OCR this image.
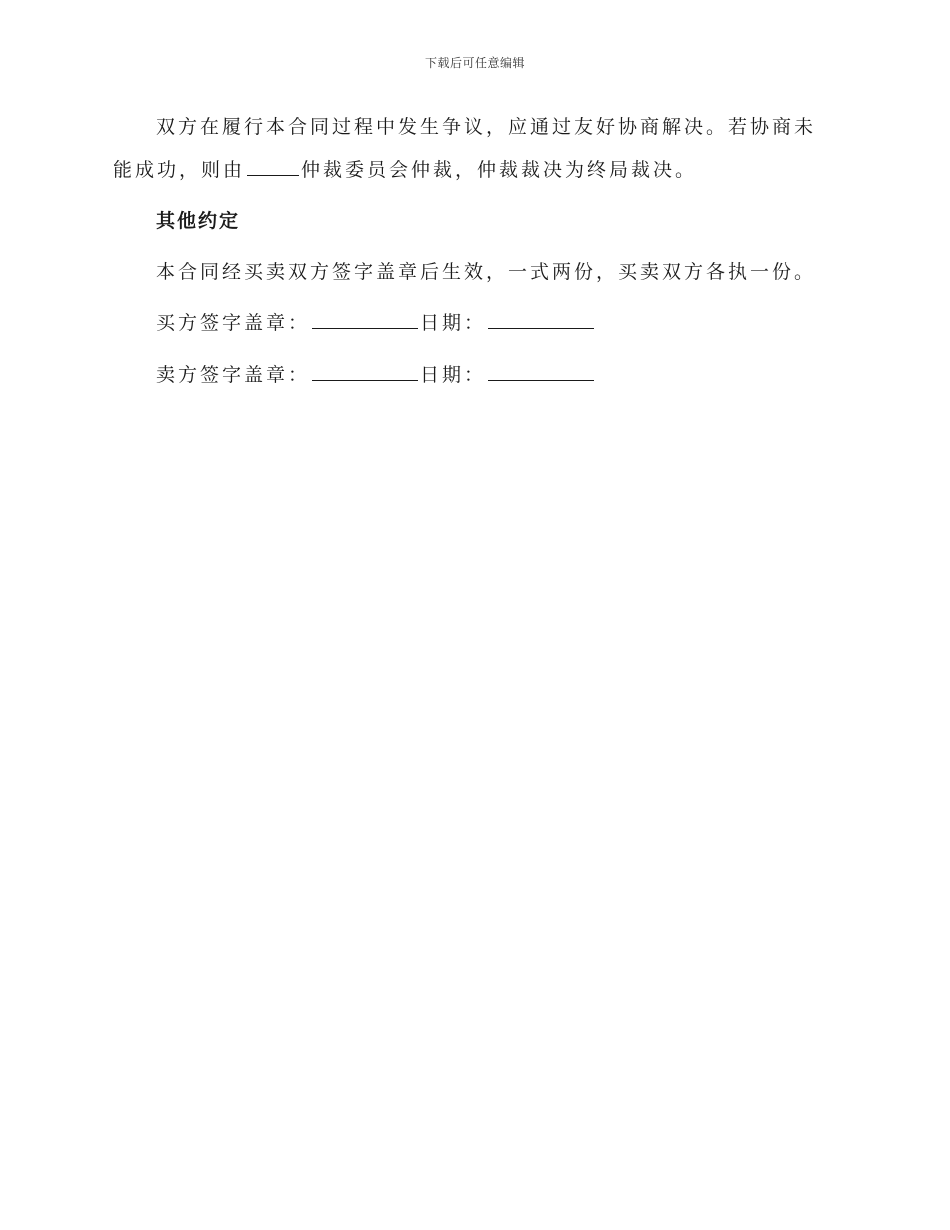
下载后可任意编辑
双方在履行本合同过程中发生争议，应通过友好协商解决。若协商未能成功，则由	仲裁委员会仲裁，仲裁裁决为终局裁决。
其他约定
本合同经买卖双方签字盖章后生效，一式两份，买卖双方各执一份。
买方签字盖章：	日期：
卖方签字盖章：	日期：
